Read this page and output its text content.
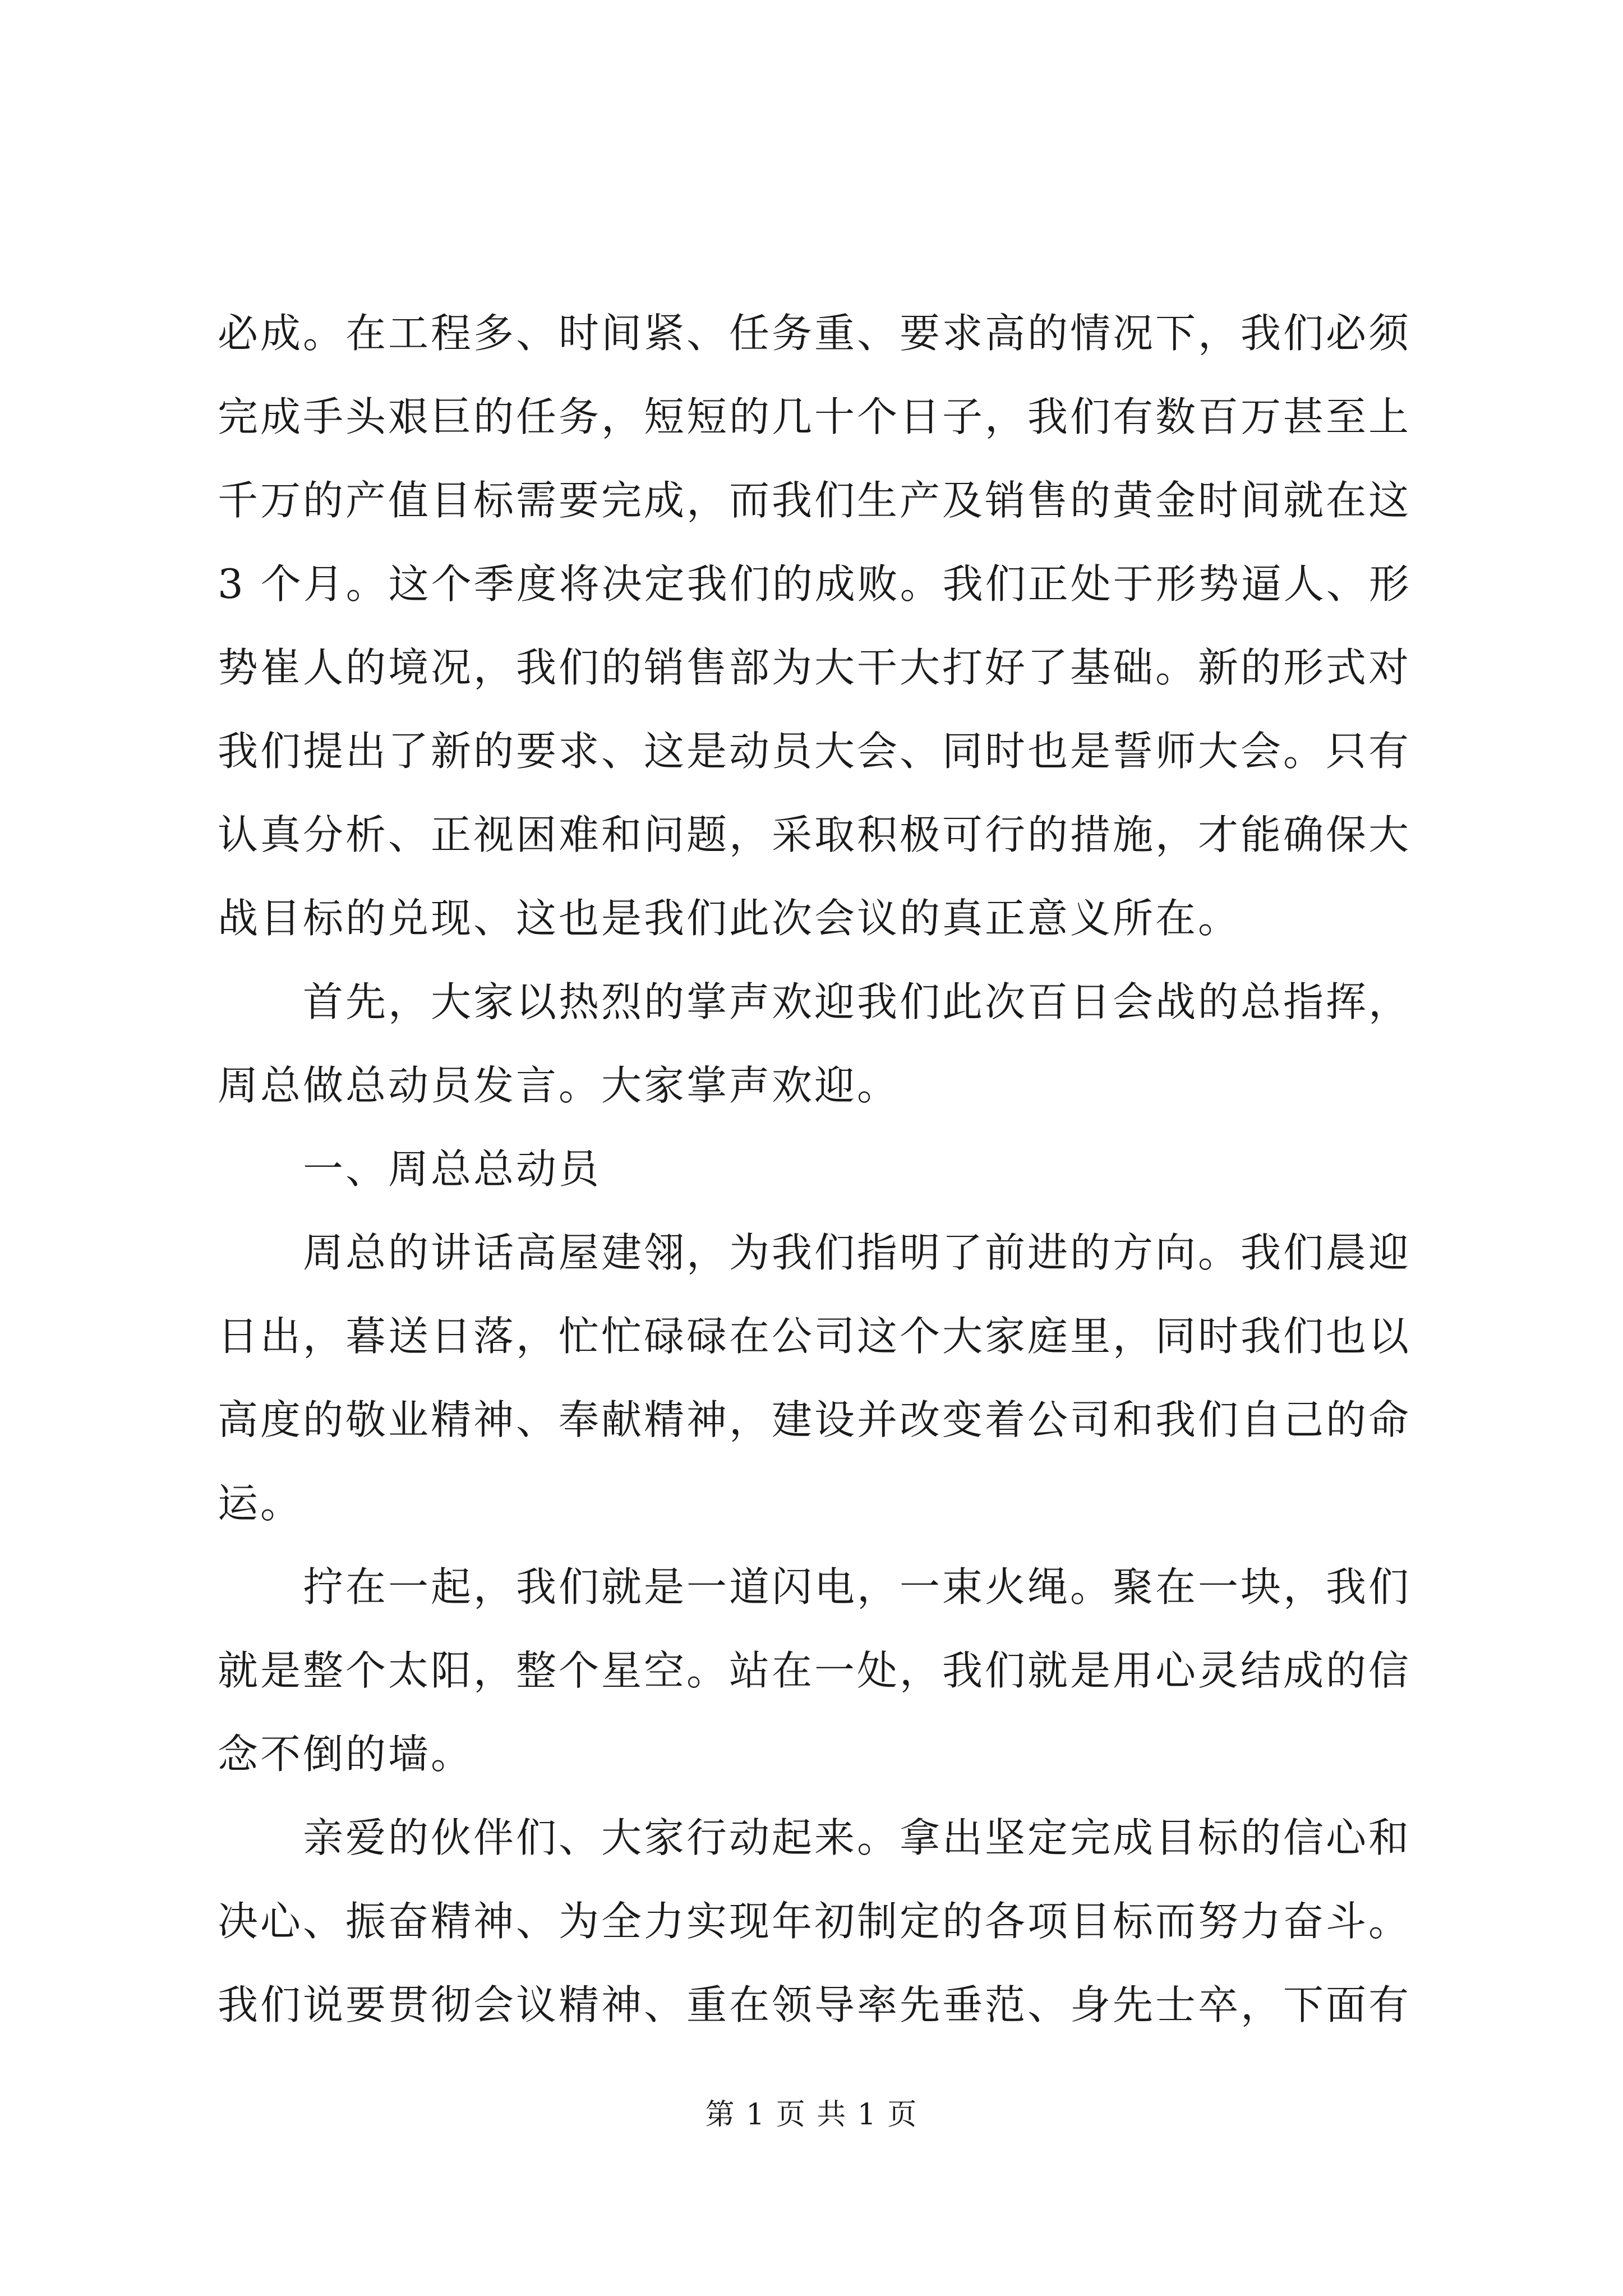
必成。在工程多、时间紧、任务重、要求高的情况下，我们必须
完成手头艰巨的任务，短短的几十个日子，我们有数百万甚至上
千万的产值目标需要完成，而我们生产及销售的黄金时间就在这
3 个月。这个季度将决定我们的成败。我们正处于形势逼人、形
势崔人的境况，我们的销售部为大干大打好了基础。新的形式对
我们提出了新的要求、这是动员大会、同时也是誓师大会。只有
认真分析、正视困难和问题，采取积极可行的措施，才能确保大
战目标的兑现、这也是我们此次会议的真正意义所在。
首先，大家以热烈的掌声欢迎我们此次百日会战的总指挥，
周总做总动员发言。大家掌声欢迎。
一、周总总动员
周总的讲话高屋建翎，为我们指明了前进的方向。我们晨迎
日出，暮送日落，忙忙碌碌在公司这个大家庭里，同时我们也以
高度的敬业精神、奉献精神，建设并改变着公司和我们自己的命
运。
拧在一起，我们就是一道闪电，一束火绳。聚在一块，我们
就是整个太阳，整个星空。站在一处，我们就是用心灵结成的信
念不倒的墙。
亲爱的伙伴们、大家行动起来。拿出坚定完成目标的信心和
决心、振奋精神、为全力实现年初制定的各项目标而努力奋斗。
我们说要贯彻会议精神、重在领导率先垂范、身先士卒，下面有
第 1 页 共 1 页
